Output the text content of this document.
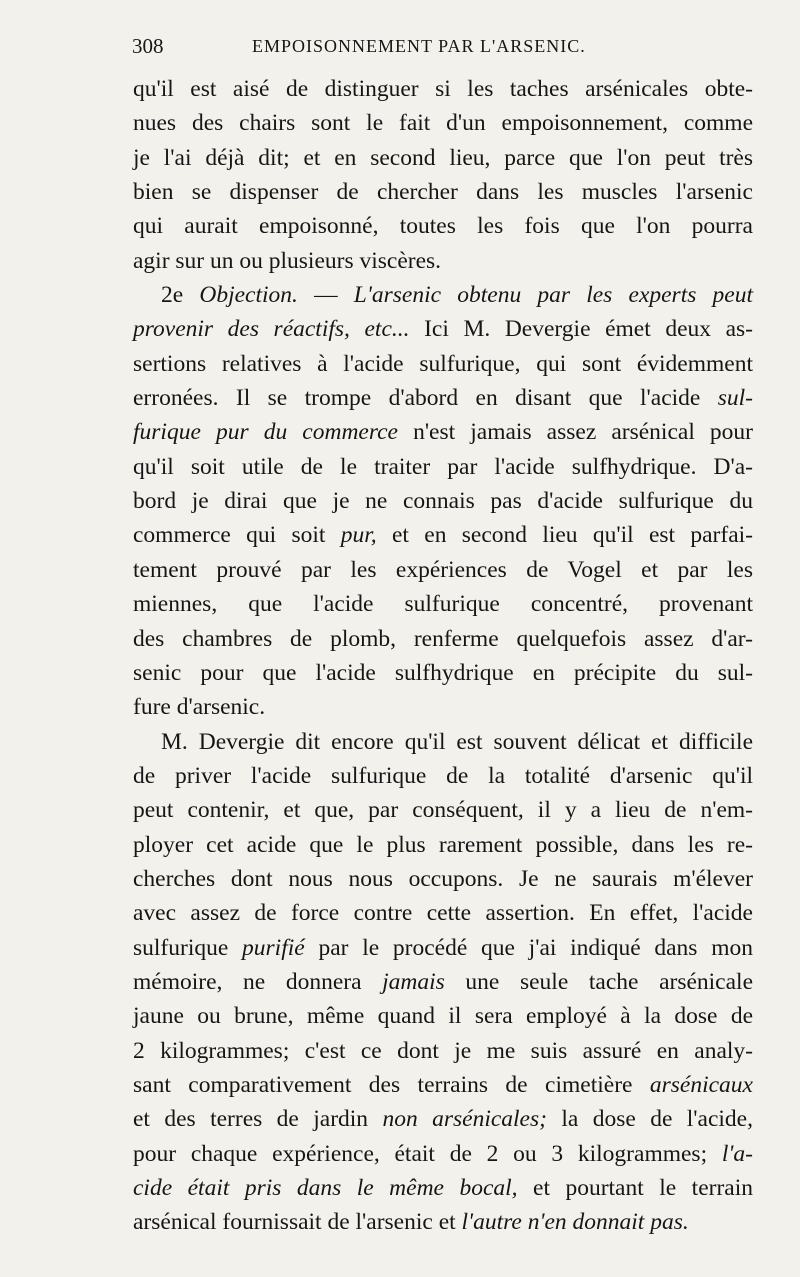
308	EMPOISONNEMENT PAR L'ARSENIC.
qu'il est aisé de distinguer si les taches arsénicales obte-
nues des chairs sont le fait d'un empoisonnement, comme
je l'ai déjà dit; et en second lieu, parce que l'on peut très
bien se dispenser de chercher dans les muscles l'arsenic
qui aurait empoisonné, toutes les fois que l'on pourra
agir sur un ou plusieurs viscères.
2e Objection. — L'arsenic obtenu par les experts peut
provenir des réactifs, etc... Ici M. Devergie émet deux as-
sertions relatives à l'acide sulfurique, qui sont évidemment
erronées. Il se trompe d'abord en disant que l'acide sul-
furique pur du commerce n'est jamais assez arsénical pour
qu'il soit utile de le traiter par l'acide sulfhydrique. D'a-
bord je dirai que je ne connais pas d'acide sulfurique du
commerce qui soit pur, et en second lieu qu'il est parfai-
tement prouvé par les expériences de Vogel et par les
miennes, que l'acide sulfurique concentré, provenant
des chambres de plomb, renferme quelquefois assez d'ar-
senic pour que l'acide sulfhydrique en précipite du sul-
fure d'arsenic.
M. Devergie dit encore qu'il est souvent délicat et difficile
de priver l'acide sulfurique de la totalité d'arsenic qu'il
peut contenir, et que, par conséquent, il y a lieu de n'em-
ployer cet acide que le plus rarement possible, dans les re-
cherches dont nous nous occupons. Je ne saurais m'élever
avec assez de force contre cette assertion. En effet, l'acide
sulfurique purifié par le procédé que j'ai indiqué dans mon
mémoire, ne donnera jamais une seule tache arsénicale
jaune ou brune, même quand il sera employé à la dose de
2 kilogrammes; c'est ce dont je me suis assuré en analy-
sant comparativement des terrains de cimetière arsénicaux
et des terres de jardin non arsénicales; la dose de l'acide,
pour chaque expérience, était de 2 ou 3 kilogrammes; l'a-
cide était pris dans le même bocal, et pourtant le terrain
arsénical fournissait de l'arsenic et l'autre n'en donnait pas.
